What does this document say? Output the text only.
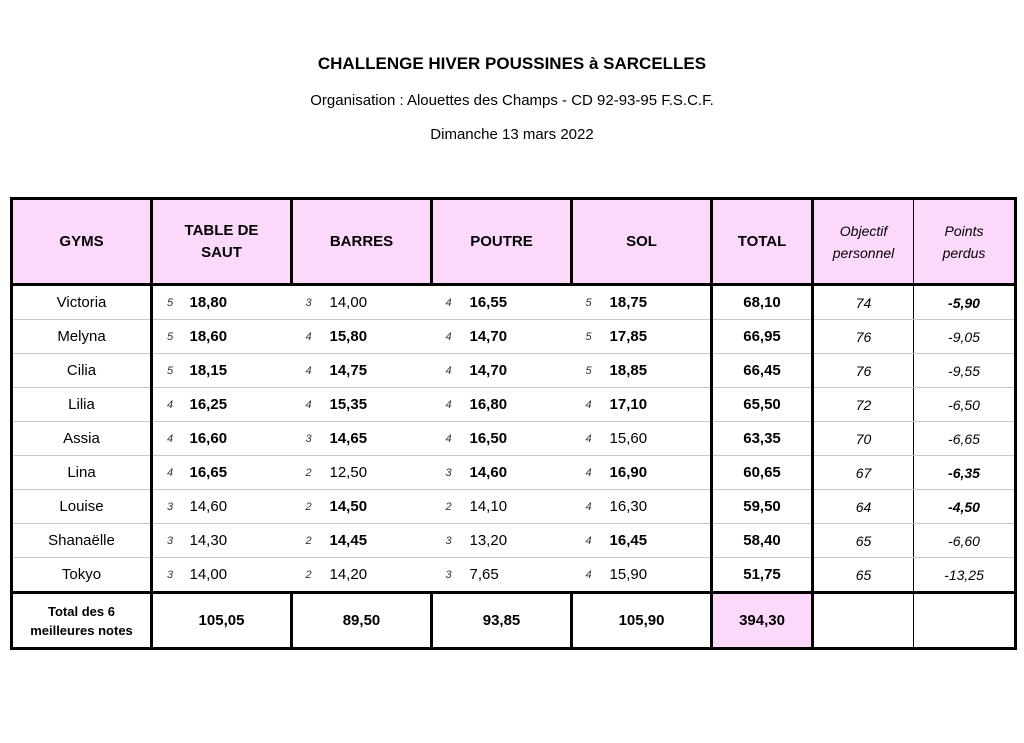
CHALLENGE HIVER POUSSINES à SARCELLES
Organisation : Alouettes des Champs - CD 92-93-95 F.S.C.F.
Dimanche 13 mars 2022
GYMS	TABLE DE SAUT		BARRES		POUTRE		SOL		TOTAL	Objectif personnel	Points perdus

Victoria	5	18,80	3	14,00	4	16,55	5	18,75	68,10	74	-5,90
Melyna	5	18,60	4	15,80	4	14,70	5	17,85	66,95	76	-9,05
Cilia	5	18,15	4	14,75	4	14,70	5	18,85	66,45	76	-9,55
Lilia	4	16,25	4	15,35	4	16,80	4	17,10	65,50	72	-6,50
Assia	4	16,60	3	14,65	4	16,50	4	15,60	63,35	70	-6,65
Lina	4	16,65	2	12,50	3	14,60	4	16,90	60,65	67	-6,35
Louise	3	14,60	2	14,50	2	14,10	4	16,30	59,50	64	-4,50
Shanaëlle	3	14,30	2	14,45	3	13,20	4	16,45	58,40	65	-6,60
Tokyo	3	14,00	2	14,20	3	7,65	4	15,90	51,75	65	-13,25

Total des 6 meilleures notes	105,05		89,50		93,85		105,90		394,30		
